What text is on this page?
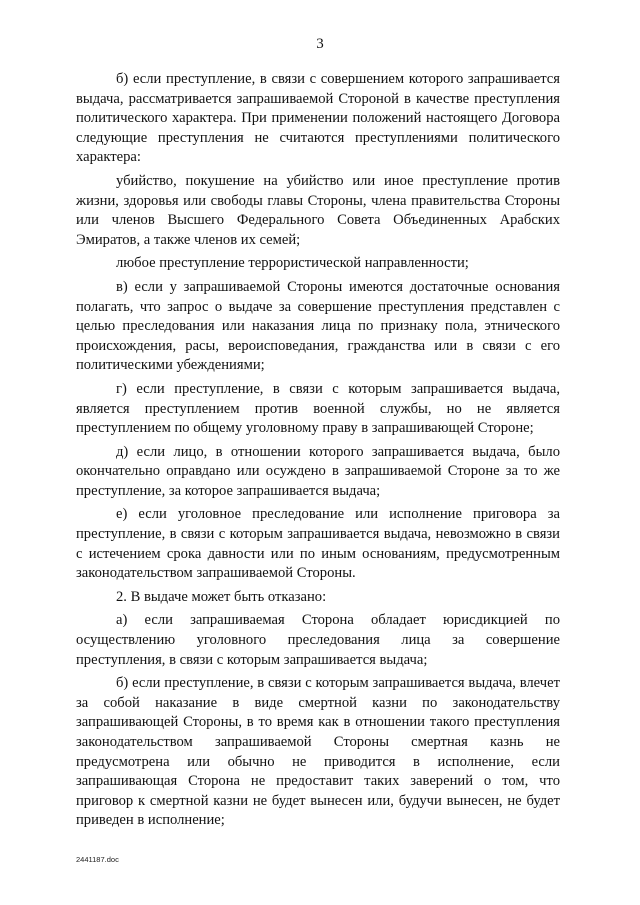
3

б) если преступление, в связи с совершением которого запрашивается выдача, рассматривается запрашиваемой Стороной в качестве преступления политического характера. При применении положений настоящего Договора следующие преступления не считаются преступлениями политического характера:

убийство, покушение на убийство или иное преступление против жизни, здоровья или свободы главы Стороны, члена правительства Стороны или членов Высшего Федерального Совета Объединенных Арабских Эмиратов, а также членов их семей;

любое преступление террористической направленности;

в) если у запрашиваемой Стороны имеются достаточные основания полагать, что запрос о выдаче за совершение преступления представлен с целью преследования или наказания лица по признаку пола, этнического происхождения, расы, вероисповедания, гражданства или в связи с его политическими убеждениями;

г) если преступление, в связи с которым запрашивается выдача, является преступлением против военной службы, но не является преступлением по общему уголовному праву в запрашивающей Стороне;

д) если лицо, в отношении которого запрашивается выдача, было окончательно оправдано или осуждено в запрашиваемой Стороне за то же преступление, за которое запрашивается выдача;

е) если уголовное преследование или исполнение приговора за преступление, в связи с которым запрашивается выдача, невозможно в связи с истечением срока давности или по иным основаниям, предусмотренным законодательством запрашиваемой Стороны.

2. В выдаче может быть отказано:

а) если запрашиваемая Сторона обладает юрисдикцией по осуществлению уголовного преследования лица за совершение преступления, в связи с которым запрашивается выдача;

б) если преступление, в связи с которым запрашивается выдача, влечет за собой наказание в виде смертной казни по законодательству запрашивающей Стороны, в то время как в отношении такого преступления законодательством запрашиваемой Стороны смертная казнь не предусмотрена или обычно не приводится в исполнение, если запрашивающая Сторона не предоставит таких заверений о том, что приговор к смертной казни не будет вынесен или, будучи вынесен, не будет приведен в исполнение;

2441187.doc
